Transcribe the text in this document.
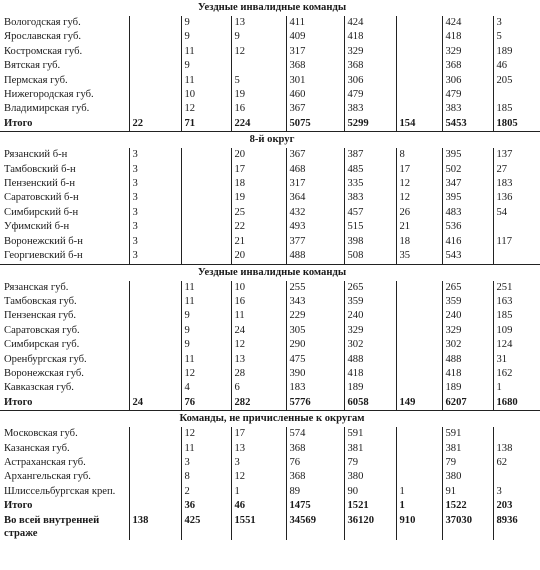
Уездные инвалидные команды								
Вологодская губ.		9	13	411	424		424	3
Ярославская губ.		9	9	409	418		418	5
Костромская губ.		11	12	317	329		329	189
Вятская губ.		9		368	368		368	46
Пермская губ.		11	5	301	306		306	205
Нижегородская губ.		10	19	460	479		479	
Владимирская губ.		12	16	367	383		383	185
Итого	22	71	224	5075	5299	154	5453	1805
8-й округ								
Рязанский б-н	3		20	367	387	8	395	137
Тамбовский б-н	3		17	468	485	17	502	27
Пензенский б-н	3		18	317	335	12	347	183
Саратовский б-н	3		19	364	383	12	395	136
Симбирский б-н	3		25	432	457	26	483	54
Уфимский б-н	3		22	493	515	21	536	
Воронежский б-н	3		21	377	398	18	416	117
Георгиевский б-н	3		20	488	508	35	543	
Уездные инвалидные команды								
Рязанская губ.		11	10	255	265		265	251
Тамбовская губ.		11	16	343	359		359	163
Пензенская губ.		9	11	229	240		240	185
Саратовская губ.		9	24	305	329		329	109
Симбирская губ.		9	12	290	302		302	124
Оренбургская губ.		11	13	475	488		488	31
Воронежская губ.		12	28	390	418		418	162
Кавказская губ.		4	6	183	189		189	1
Итого	24	76	282	5776	6058	149	6207	1680
Команды, не причисленные к округам								
Московская губ.		12	17	574	591		591	
Казанская губ.		11	13	368	381		381	138
Астраханская губ.		3	3	76	79		79	62
Архангельская губ.		8	12	368	380		380	
Шлиссельбургская креп.		2	1	89	90	1	91	3
Итого		36	46	1475	1521	1	1522	203
Во всей внутренней страже	138	425	1551	34569	36120	910	37030	8936
